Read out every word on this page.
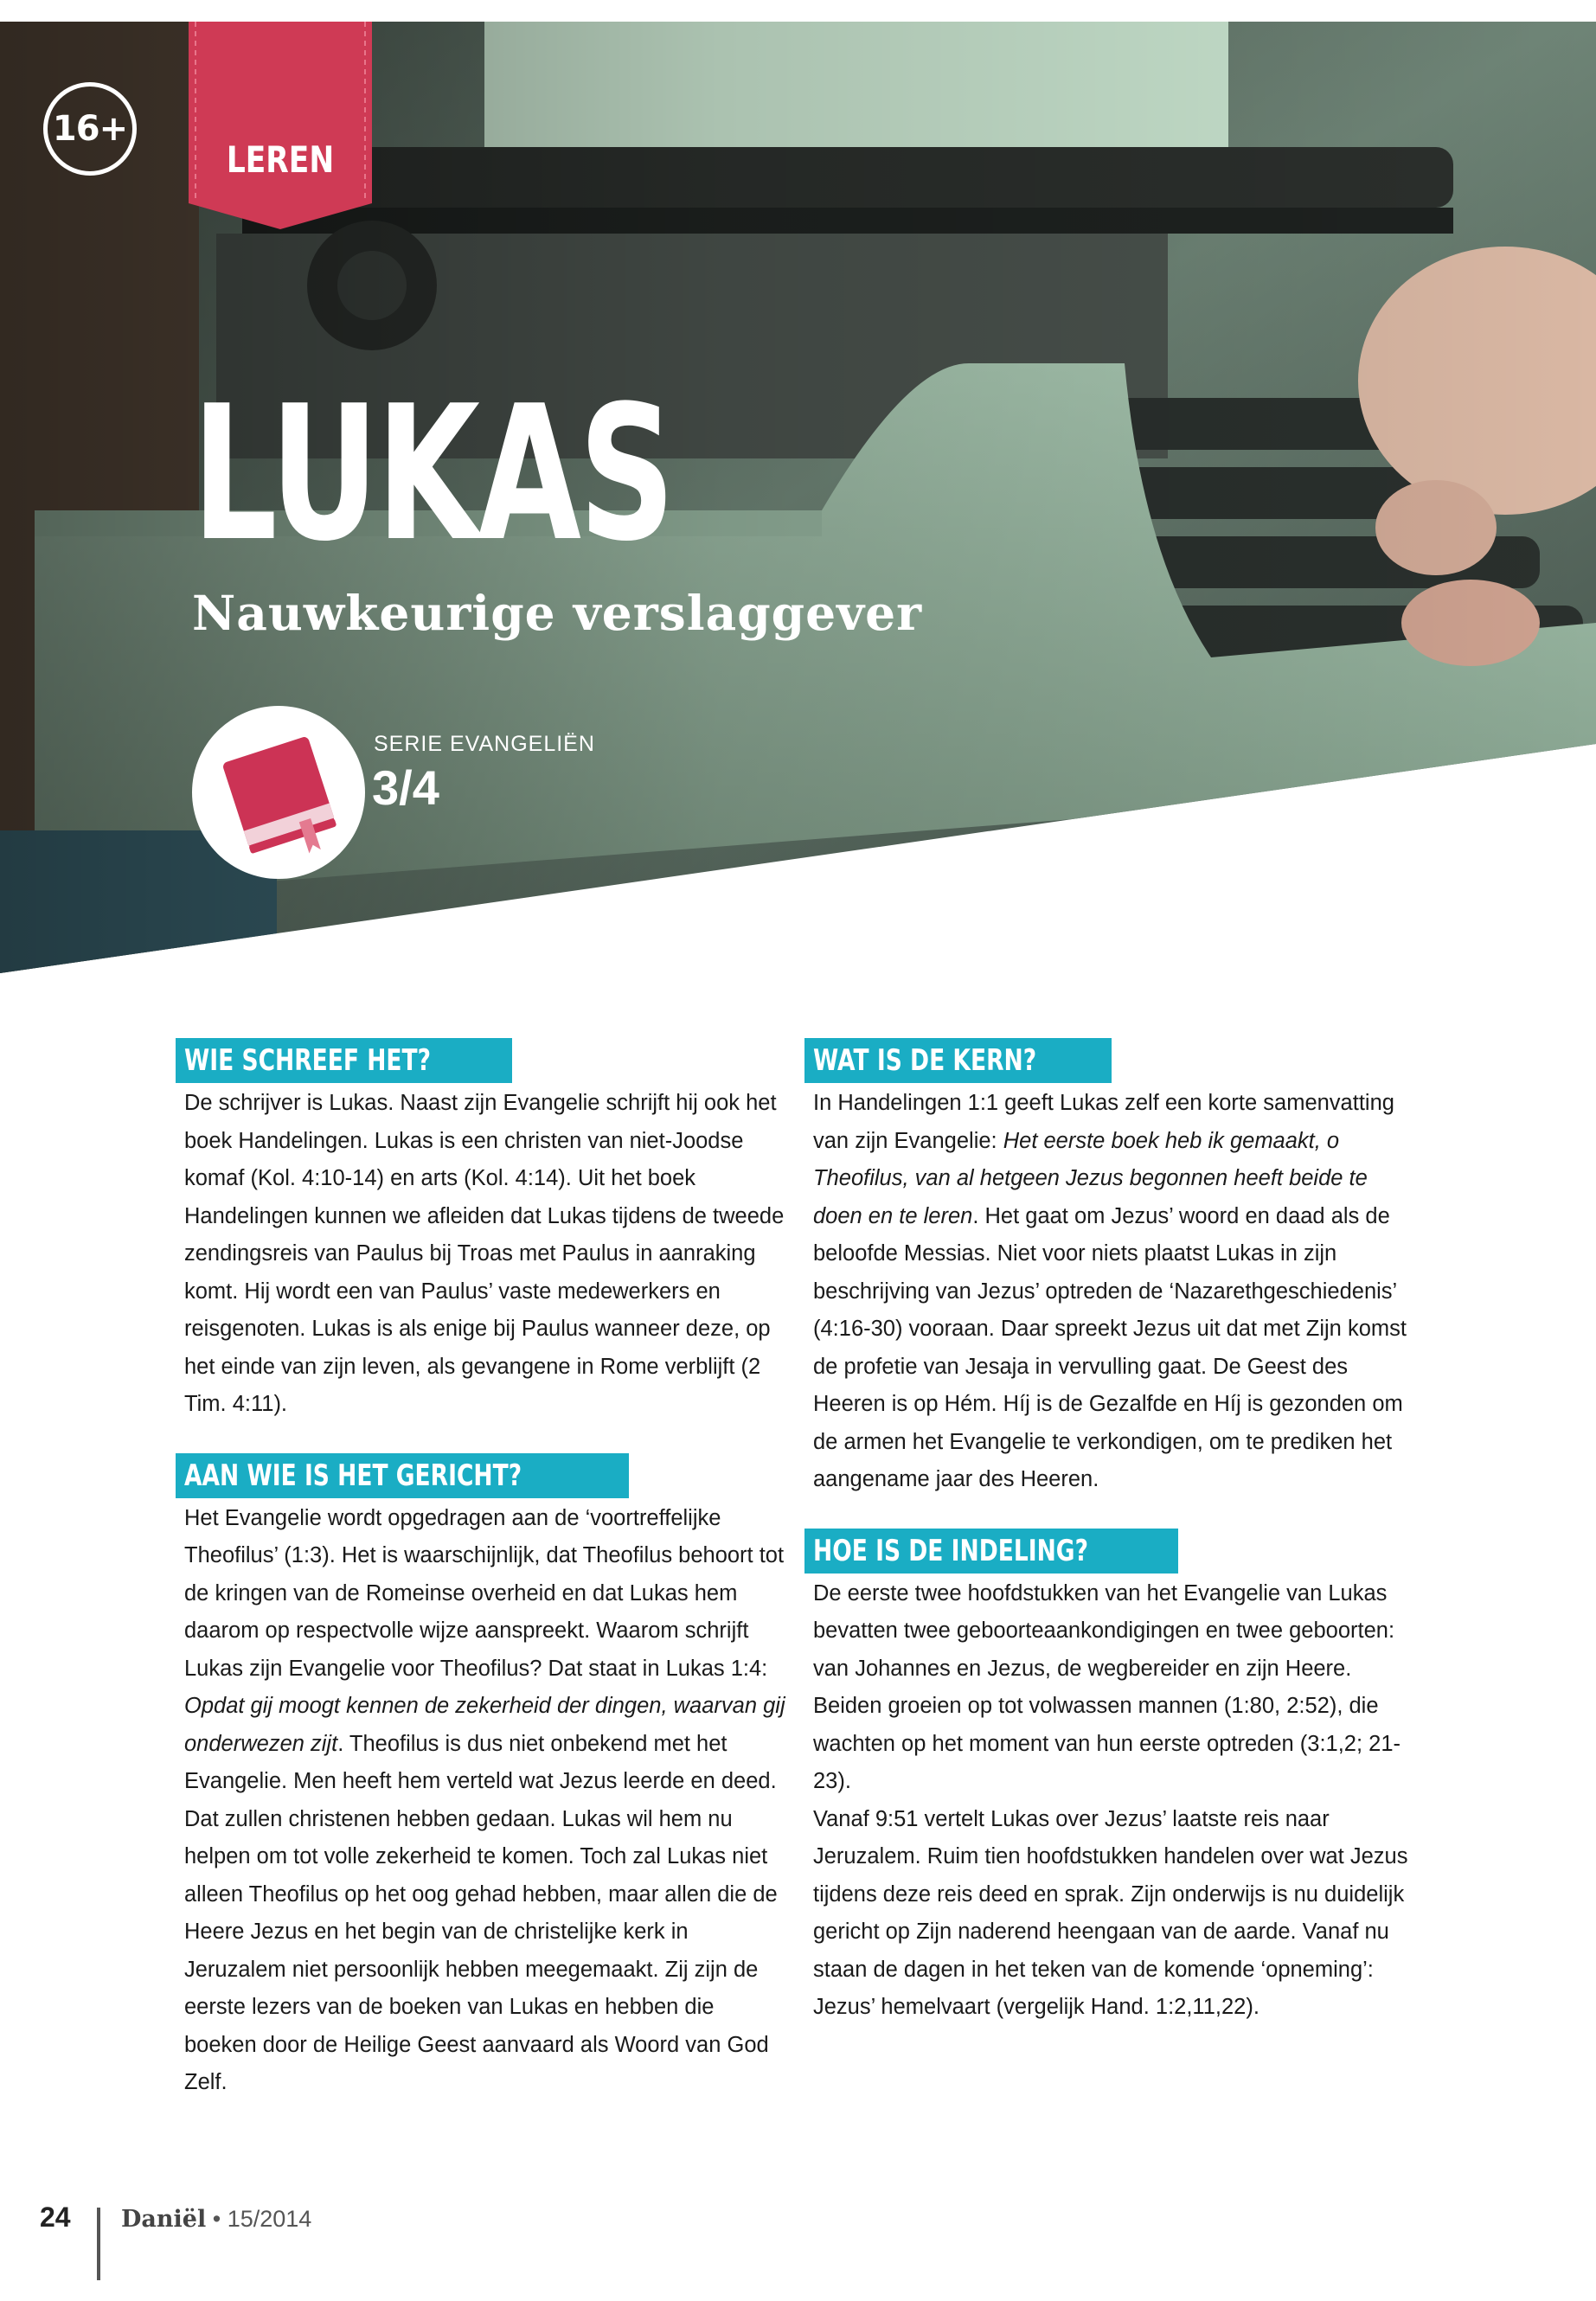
16+
LEREN
LUKAS
Nauwkeurige verslaggever
SERIE EVANGELIËN
3/4
WIE SCHREEF HET?

De schrijver is Lukas. Naast zijn Evangelie schrijft hij ook het boek Handelingen. Lukas is een christen van niet-Joodse komaf (Kol. 4:10-14) en arts (Kol. 4:14). Uit het boek Handelingen kunnen we afleiden dat Lukas tijdens de tweede zendingsreis van Paulus bij Troas met Paulus in aanraking komt. Hij wordt een van Paulus’ vaste medewerkers en reisgenoten. Lukas is als enige bij Paulus wanneer deze, op het einde van zijn leven, als gevangene in Rome verblijft (2 Tim. 4:11).

AAN WIE IS HET GERICHT?

Het Evangelie wordt opgedragen aan de ‘voortreffelijke Theofilus’ (1:3). Het is waarschijnlijk, dat Theofilus behoort tot de kringen van de Romeinse overheid en dat Lukas hem daarom op respectvolle wijze aanspreekt. Waarom schrijft Lukas zijn Evangelie voor Theofilus? Dat staat in Lukas 1:4: Opdat gij moogt kennen de zekerheid der dingen, waarvan gij onderwezen zijt. Theofilus is dus niet onbekend met het Evangelie. Men heeft hem verteld wat Jezus leerde en deed. Dat zullen christenen hebben gedaan. Lukas wil hem nu helpen om tot volle zekerheid te komen. Toch zal Lukas niet alleen Theofilus op het oog gehad hebben, maar allen die de Heere Jezus en het begin van de christelijke kerk in Jeruzalem niet persoonlijk hebben meegemaakt. Zij zijn de eerste lezers van de boeken van Lukas en hebben die boeken door de Heilige Geest aanvaard als Woord van God Zelf.

WAT IS DE KERN?

In Handelingen 1:1 geeft Lukas zelf een korte samenvatting van zijn Evangelie: Het eerste boek heb ik gemaakt, o Theofilus, van al hetgeen Jezus begonnen heeft beide te doen en te leren. Het gaat om Jezus’ woord en daad als de beloofde Messias. Niet voor niets plaatst Lukas in zijn beschrijving van Jezus’ optreden de ‘Nazarethgeschiedenis’ (4:16-30) vooraan. Daar spreekt Jezus uit dat met Zijn komst de profetie van Jesaja in vervulling gaat. De Geest des Heeren is op Hém. Híj is de Gezalfde en Híj is gezonden om de armen het Evangelie te verkondigen, om te prediken het aangename jaar des Heeren.

HOE IS DE INDELING?

De eerste twee hoofdstukken van het Evangelie van Lukas bevatten twee geboorteaankondigingen en twee geboorten: van Johannes en Jezus, de wegbereider en zijn Heere. Beiden groeien op tot volwassen mannen (1:80, 2:52), die wachten op het moment van hun eerste optreden (3:1,2; 21-23).

Vanaf 9:51 vertelt Lukas over Jezus’ laatste reis naar Jeruzalem. Ruim tien hoofdstukken handelen over wat Jezus tijdens deze reis deed en sprak. Zijn onderwijs is nu duidelijk gericht op Zijn naderend heengaan van de aarde. Vanaf nu staan de dagen in het teken van de komende ‘opneming’: Jezus’ hemelvaart (vergelijk Hand. 1:2,11,22).

24 Daniël • 15/2014
